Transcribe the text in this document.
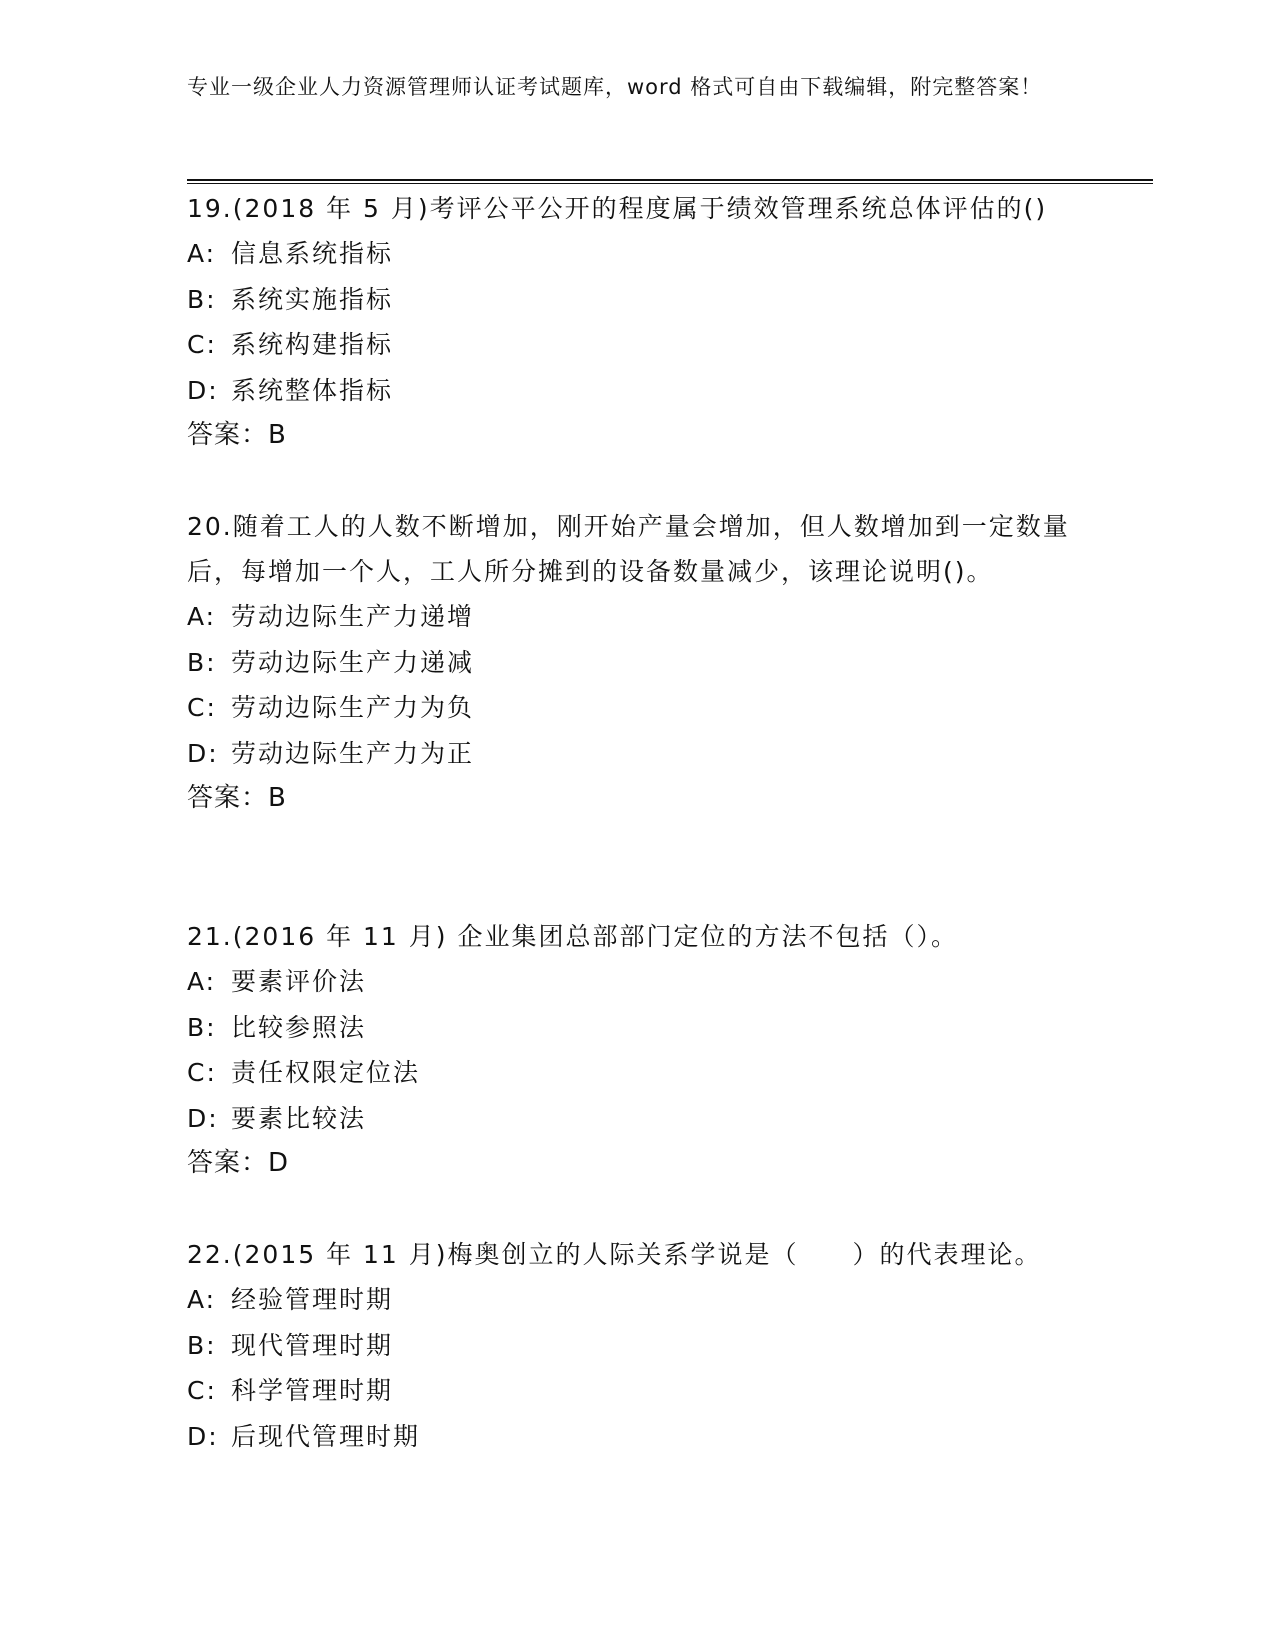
专业一级企业人力资源管理师认证考试题库，word 格式可自由下载编辑，附完整答案！

19.(2018 年 5 月)考评公平公开的程度属于绩效管理系统总体评估的()

A: 信息系统指标

B: 系统实施指标

C: 系统构建指标

D: 系统整体指标

答案：B

20.随着工人的人数不断增加，刚开始产量会增加，但人数增加到一定数量后，每增加一个人，工人所分摊到的设备数量减少，该理论说明()。

A: 劳动边际生产力递增

B: 劳动边际生产力递减

C: 劳动边际生产力为负

D: 劳动边际生产力为正

答案：B

21.(2016 年 11 月) 企业集团总部部门定位的方法不包括（）。

A: 要素评价法

B: 比较参照法

C: 责任权限定位法

D: 要素比较法

答案：D

22.(2015 年 11 月)梅奥创立的人际关系学说是（　　）的代表理论。

A: 经验管理时期

B: 现代管理时期

C: 科学管理时期

D: 后现代管理时期
